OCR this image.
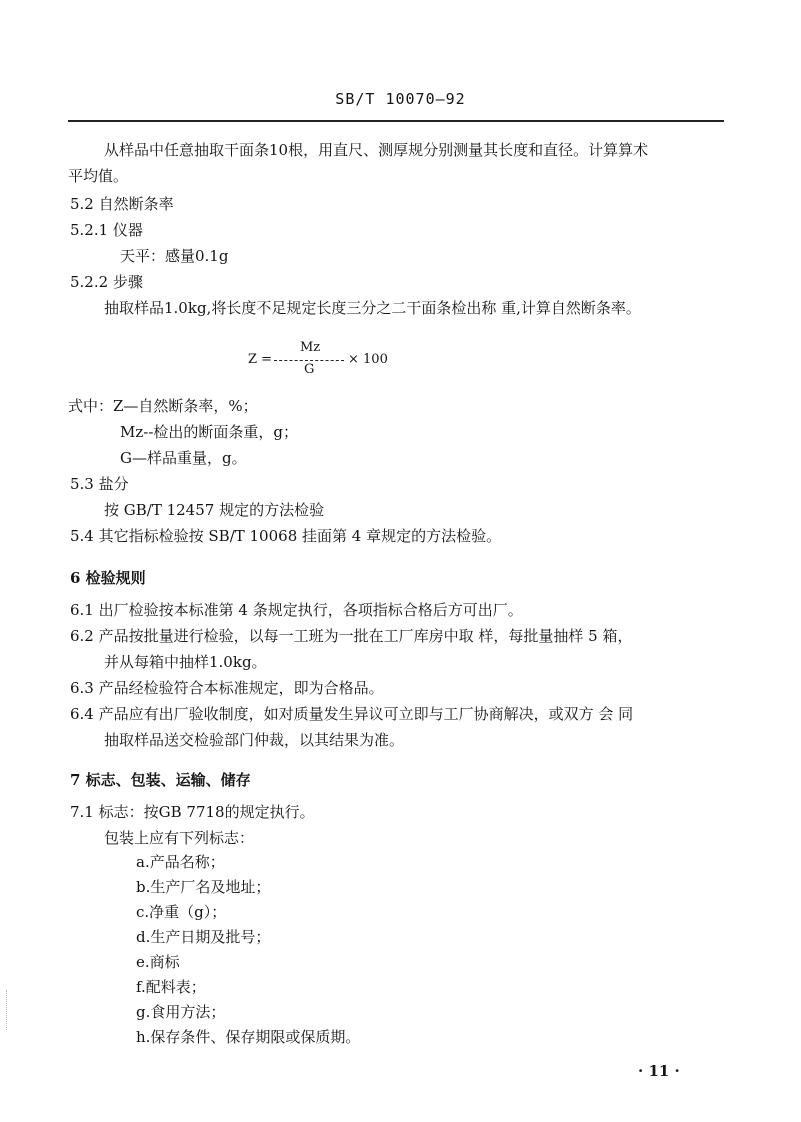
SB/T 10070—92
从样品中任意抽取干面条10根，用直尺、测厚规分别测量其长度和直径。计算算术
平均值。
5.2 自然断条率
5.2.1 仪器
天平：感量0.1g
5.2.2 步骤
抽取样品1.0kg,将长度不足规定长度三分之二干面条检出称 重,计算自然断条率。
Z =
Mz
G
× 100
式中：Z—自然断条率，%；
Mz--检出的断面条重，g；
G—样品重量，g。
5.3 盐分
按 GB/T 12457 规定的方法检验
5.4 其它指标检验按 SB/T 10068 挂面第 4 章规定的方法检验。
6 检验规则
6.1 出厂检验按本标准第 4 条规定执行，各项指标合格后方可出厂。
6.2 产品按批量进行检验，以每一工班为一批在工厂库房中取 样，每批量抽样 5 箱，
并从每箱中抽样1.0kg。
6.3 产品经检验符合本标准规定，即为合格品。
6.4 产品应有出厂验收制度，如对质量发生异议可立即与工厂协商解决，或双方 会 同
抽取样品送交检验部门仲裁，以其结果为准。
7 标志、包装、运输、储存
7.1 标志：按GB 7718的规定执行。
包装上应有下列标志：
a.产品名称；
b.生产厂名及地址；
c.净重（g）；
d.生产日期及批号；
e.商标
f.配料表；
g.食用方法；
h.保存条件、保存期限或保质期。
· 11 ·
